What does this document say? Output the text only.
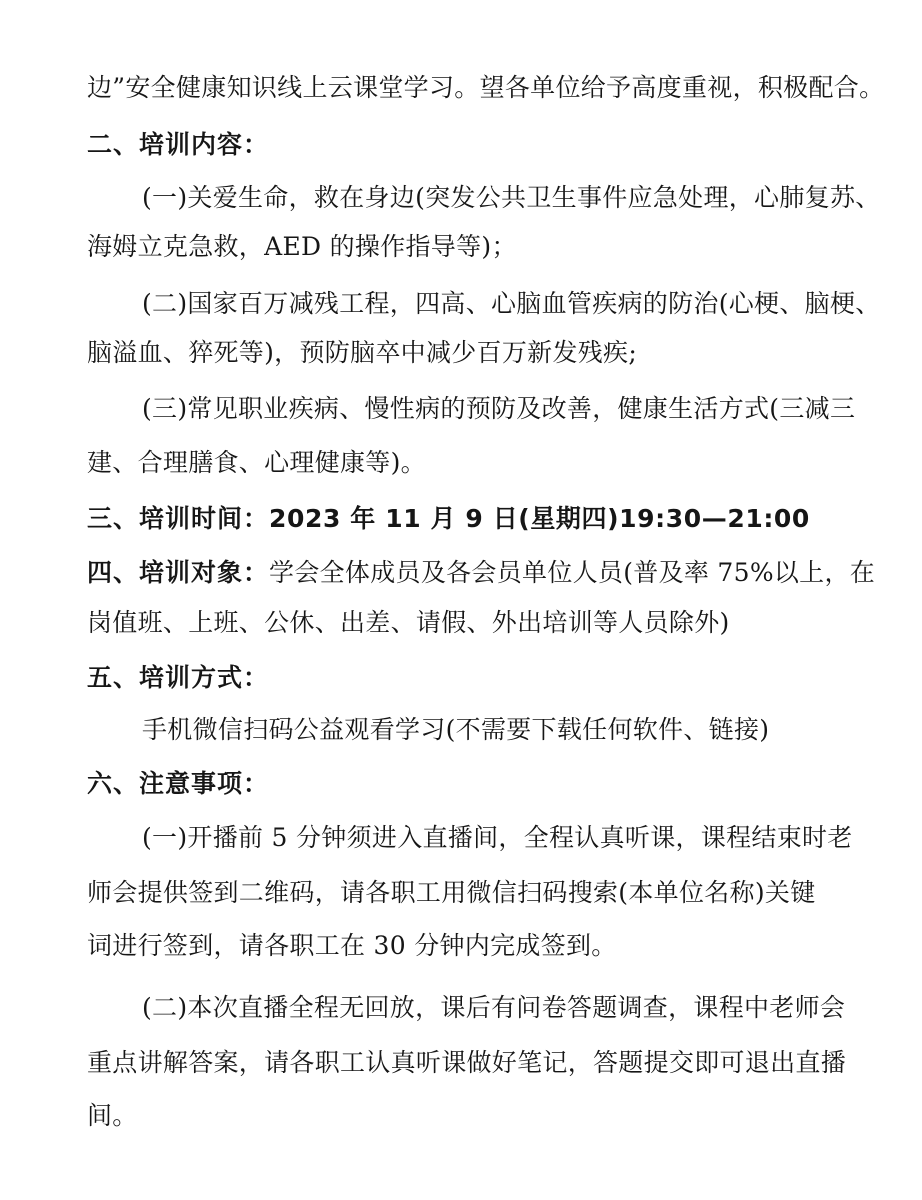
边”安全健康知识线上云课堂学习。望各单位给予高度重视，积极配合。
二、培训内容：
(一)关爱生命，救在身边(突发公共卫生事件应急处理，心肺复苏、
海姆立克急救，AED 的操作指导等)；
(二)国家百万减残工程，四高、心脑血管疾病的防治(心梗、脑梗、
脑溢血、猝死等)，预防脑卒中减少百万新发残疾;
(三)常见职业疾病、慢性病的预防及改善，健康生活方式(三减三
建、合理膳食、心理健康等)。
三、培训时间：2023 年 11 月 9 日(星期四)19:30—21:00
四、培训对象：学会全体成员及各会员单位人员(普及率 75%以上，在
岗值班、上班、公休、出差、请假、外出培训等人员除外)
五、培训方式：
手机微信扫码公益观看学习(不需要下载任何软件、链接)
六、注意事项：
(一)开播前 5 分钟须进入直播间，全程认真听课，课程结束时老
师会提供签到二维码，请各职工用微信扫码搜索(本单位名称)关键
词进行签到，请各职工在 30 分钟内完成签到。
(二)本次直播全程无回放，课后有问卷答题调查，课程中老师会
重点讲解答案，请各职工认真听课做好笔记，答题提交即可退出直播
间。
